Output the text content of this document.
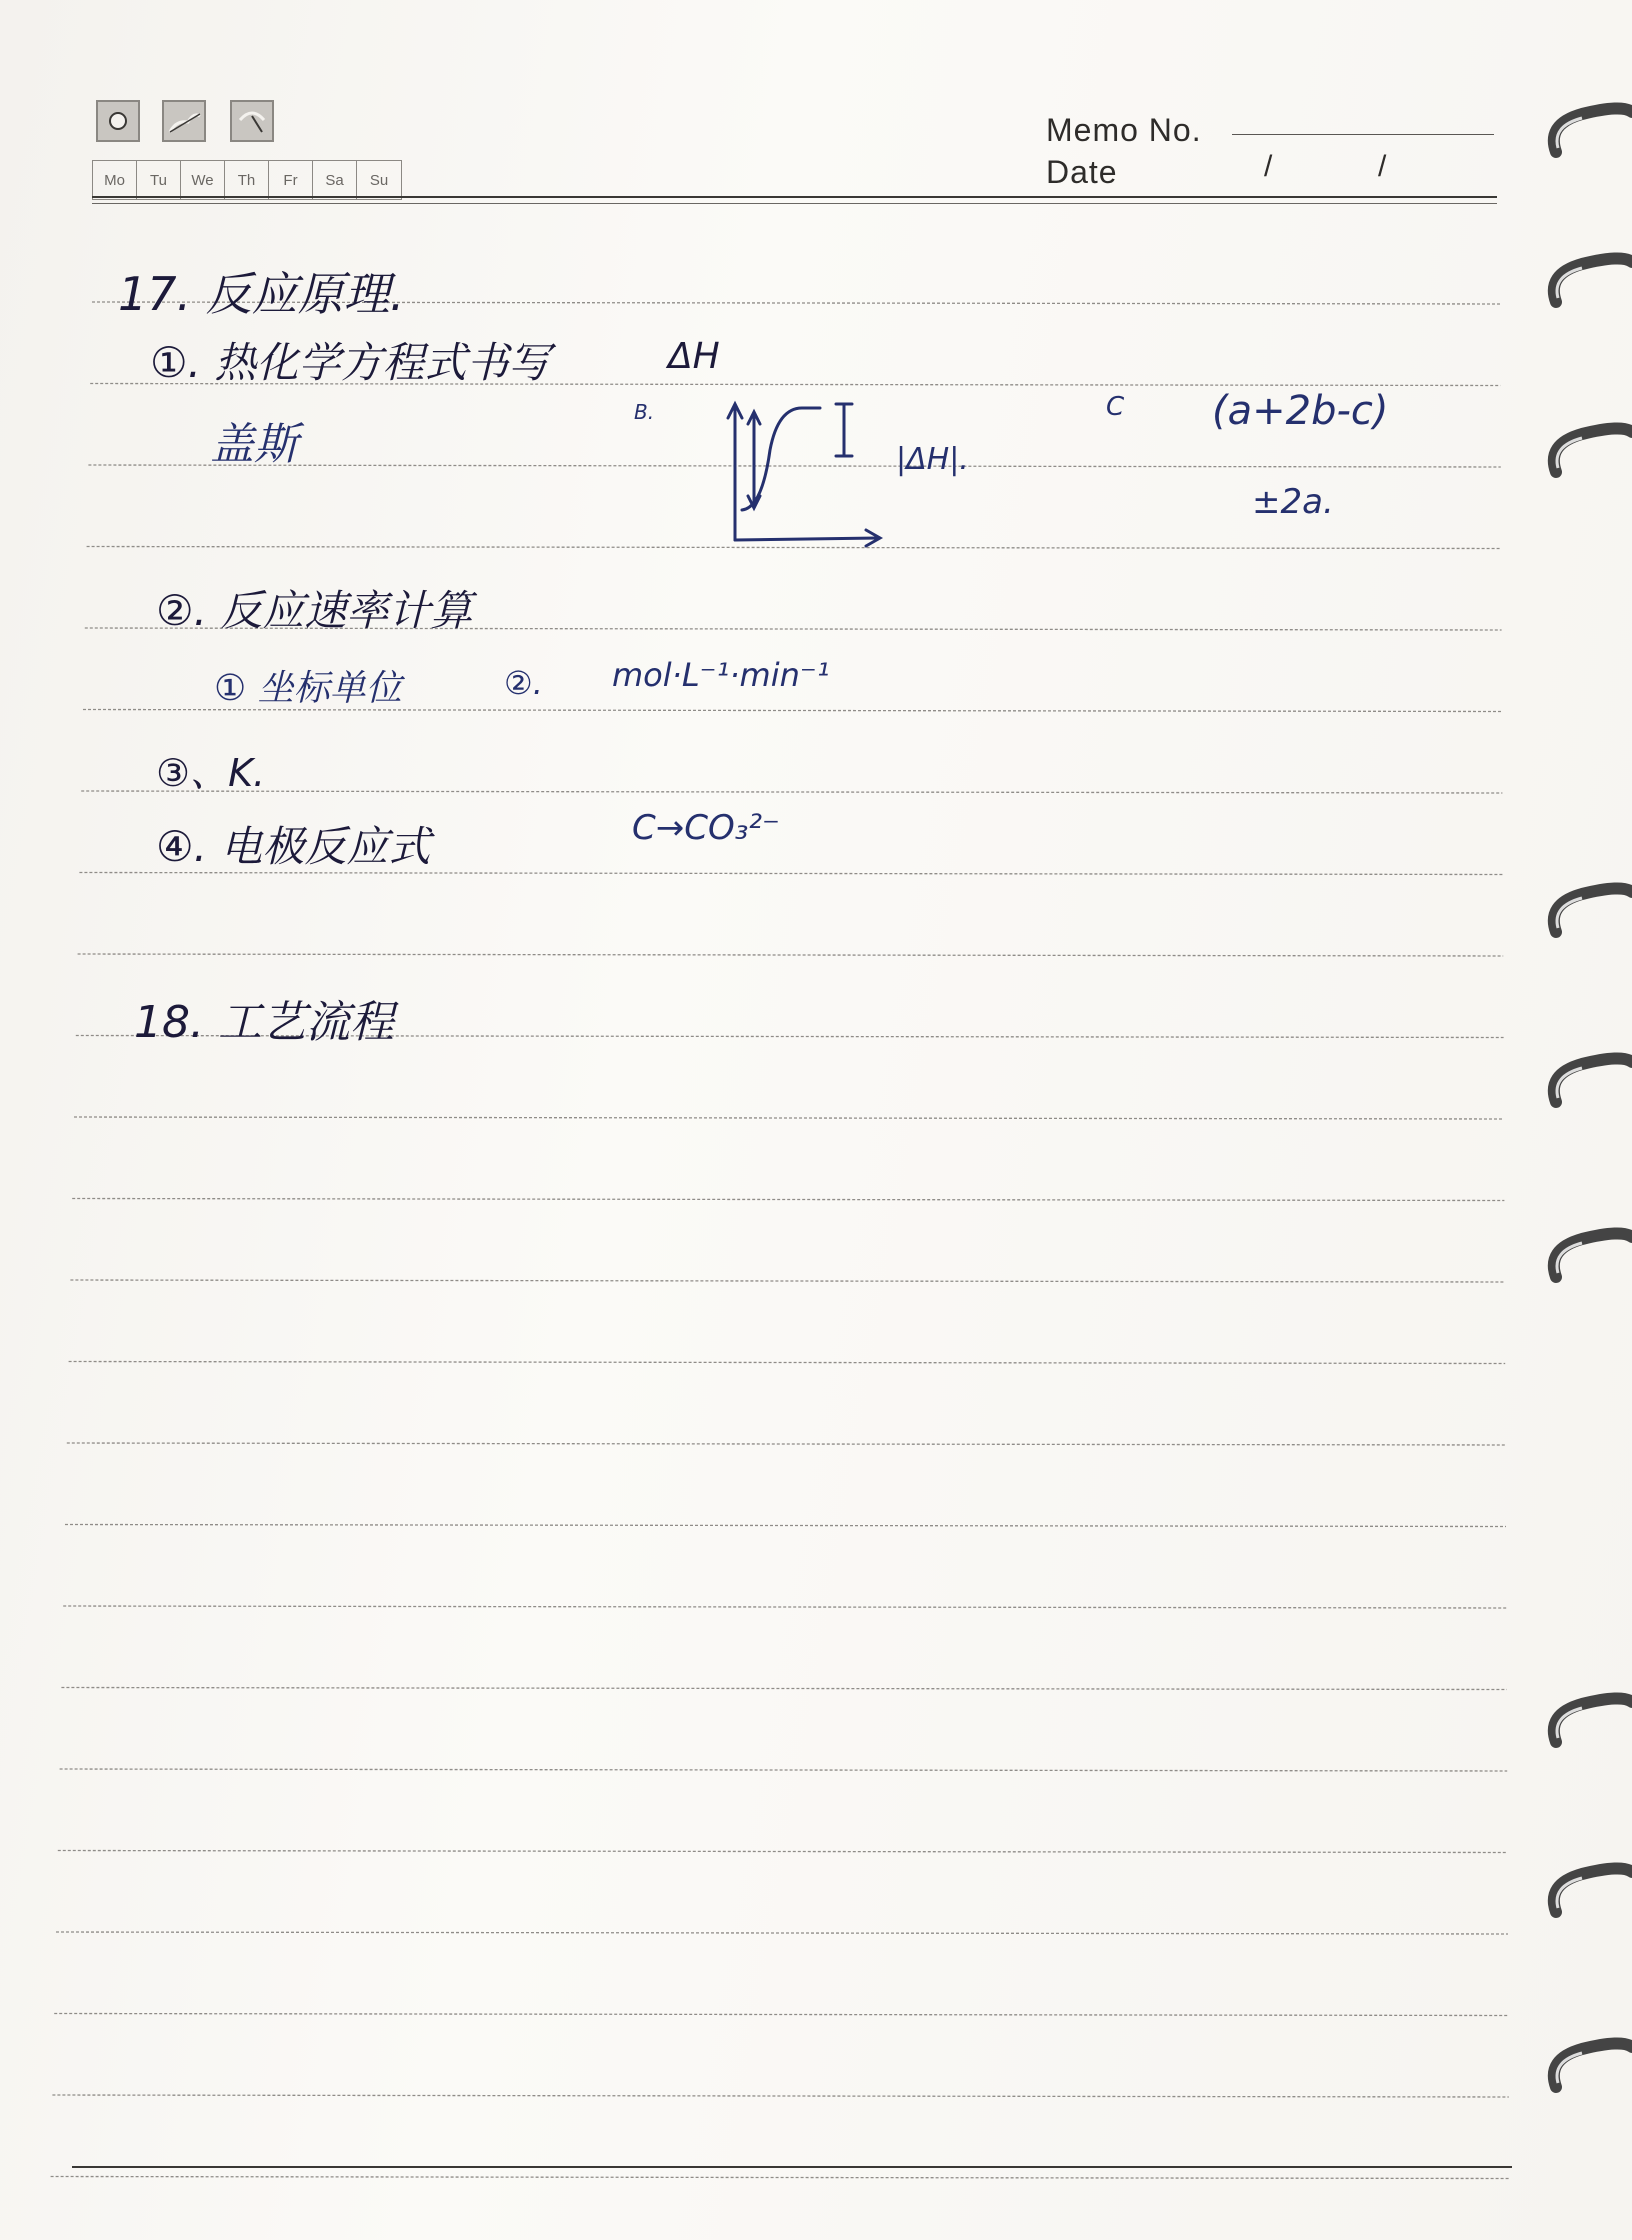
Mo	Tu	We	Th	Fr	Sa	Su
Memo No.
Date	/	/
17. 反应原理.
①. 热化学方程式书写	ΔH
盖斯
B.
|ΔH|.
C (a+2b-c)
±2a.
②. 反应速率计算
① 坐标单位	②. mol·L⁻¹·min⁻¹
③、K.
④. 电极反应式	C→CO₃²⁻
18. 工艺流程
